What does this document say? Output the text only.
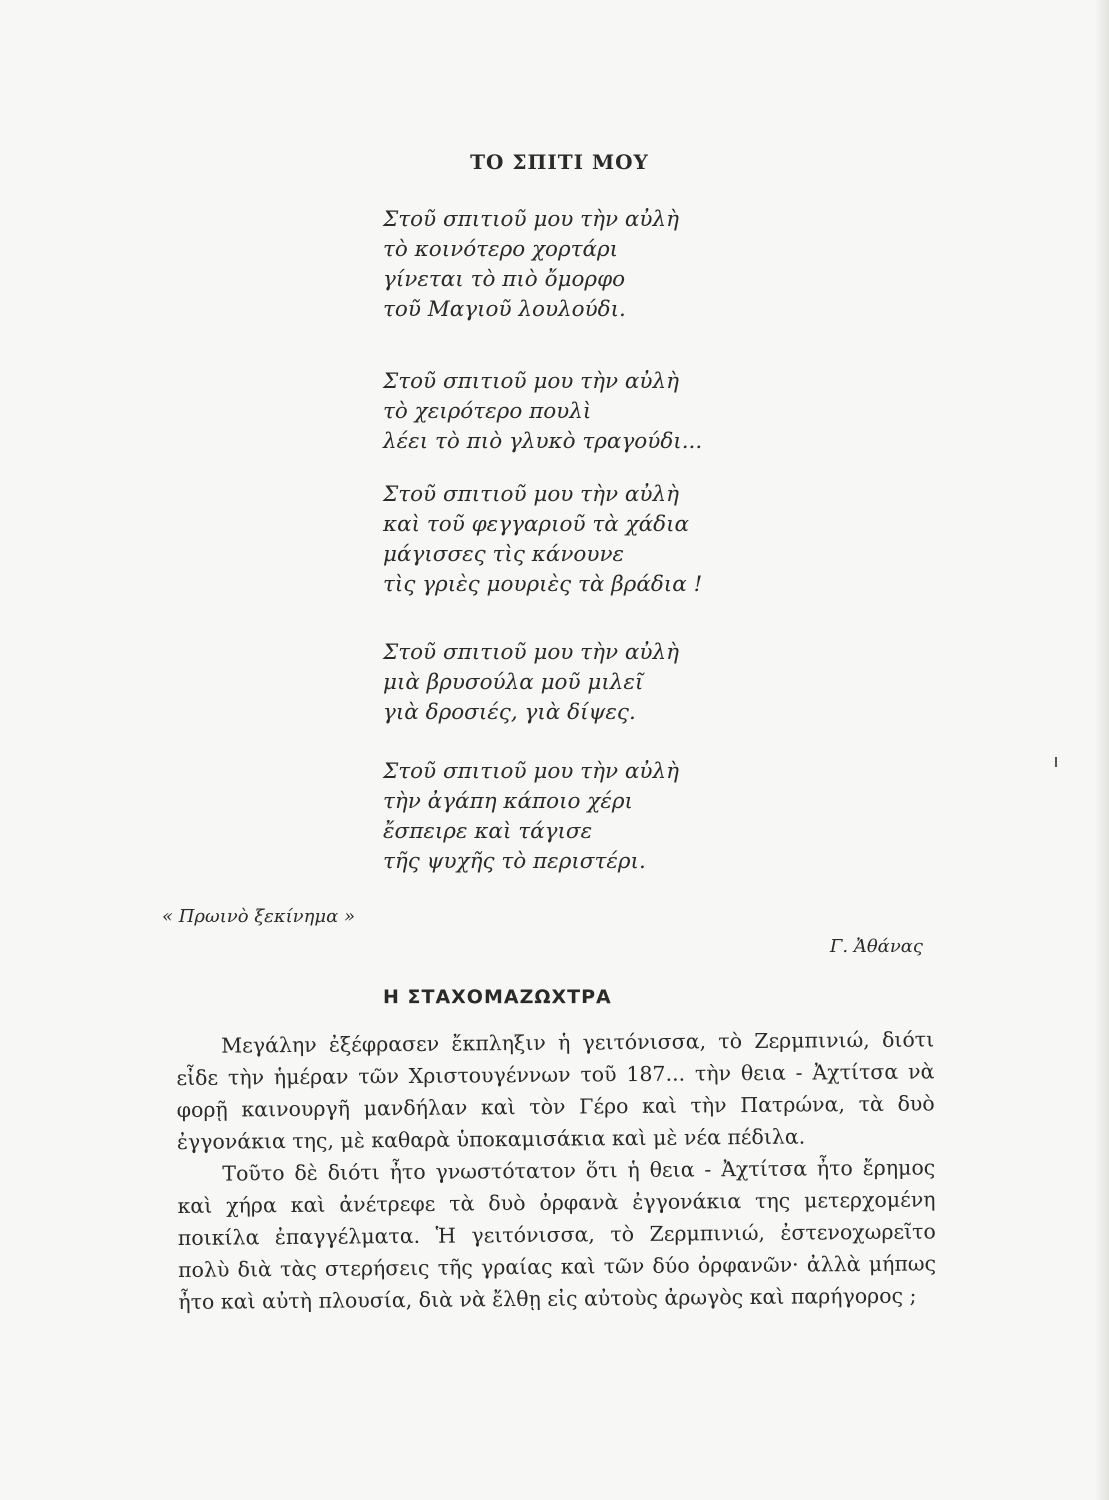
ΤΟ ΣΠΙΤΙ ΜΟΥ
Στοῦ σπιτιοῦ μου τὴν αὐλὴ
τὸ κοινότερο χορτάρι
γίνεται τὸ πιὸ ὄμορφο
τοῦ Μαγιοῦ λουλούδι.
Στοῦ σπιτιοῦ μου τὴν αὐλὴ
τὸ χειρότερο πουλὶ
λέει τὸ πιὸ γλυκὸ τραγούδι...
Στοῦ σπιτιοῦ μου τὴν αὐλὴ
καὶ τοῦ φεγγαριοῦ τὰ χάδια
μάγισσες τὶς κάνουνε
τὶς γριὲς μουριὲς τὰ βράδια !
Στοῦ σπιτιοῦ μου τὴν αὐλὴ
μιὰ βρυσούλα μοῦ μιλεῖ
γιὰ δροσιές, γιὰ δίψες.
Στοῦ σπιτιοῦ μου τὴν αὐλὴ
τὴν ἀγάπη κάποιο χέρι
ἔσπειρε καὶ τάγισε
τῆς ψυχῆς τὸ περιστέρι.
« Πρωινὸ ξεκίνημα »
Γ. Ἀθάνας
Η ΣΤΑΧΟΜΑΖΩΧΤΡΑ

Μεγάλην ἐξέφρασεν ἔκπληξιν ἡ γειτόνισσα, τὸ Ζερμπινιώ, διότι εἶδε τὴν ἡμέραν τῶν Χριστουγέννων τοῦ 187... τὴν θεια - Ἀχτίτσα νὰ φορῇ καινουργῆ μανδήλαν καὶ τὸν Γέρο καὶ τὴν Πατρώνα, τὰ δυὸ ἐγγονάκια της, μὲ καθαρὰ ὑποκαμισάκια καὶ μὲ νέα πέδιλα.

Τοῦτο δὲ διότι ἦτο γνωστότατον ὅτι ἡ θεια - Ἀχτίτσα ἦτο ἔρημος καὶ χήρα καὶ ἀνέτρεφε τὰ δυὸ ὀρφανὰ ἐγγονάκια της μετερχομένη ποικίλα ἐπαγγέλματα. Ἡ γειτόνισσα, τὸ Ζερμπινιώ, ἐστενοχωρεῖτο πολὺ διὰ τὰς στερήσεις τῆς γραίας καὶ τῶν δύο ὀρφανῶν· ἀλλὰ μήπως ἦτο καὶ αὐτὴ πλουσία, διὰ νὰ ἔλθῃ εἰς αὐτοὺς ἀρωγὸς καὶ παρήγορος ;
